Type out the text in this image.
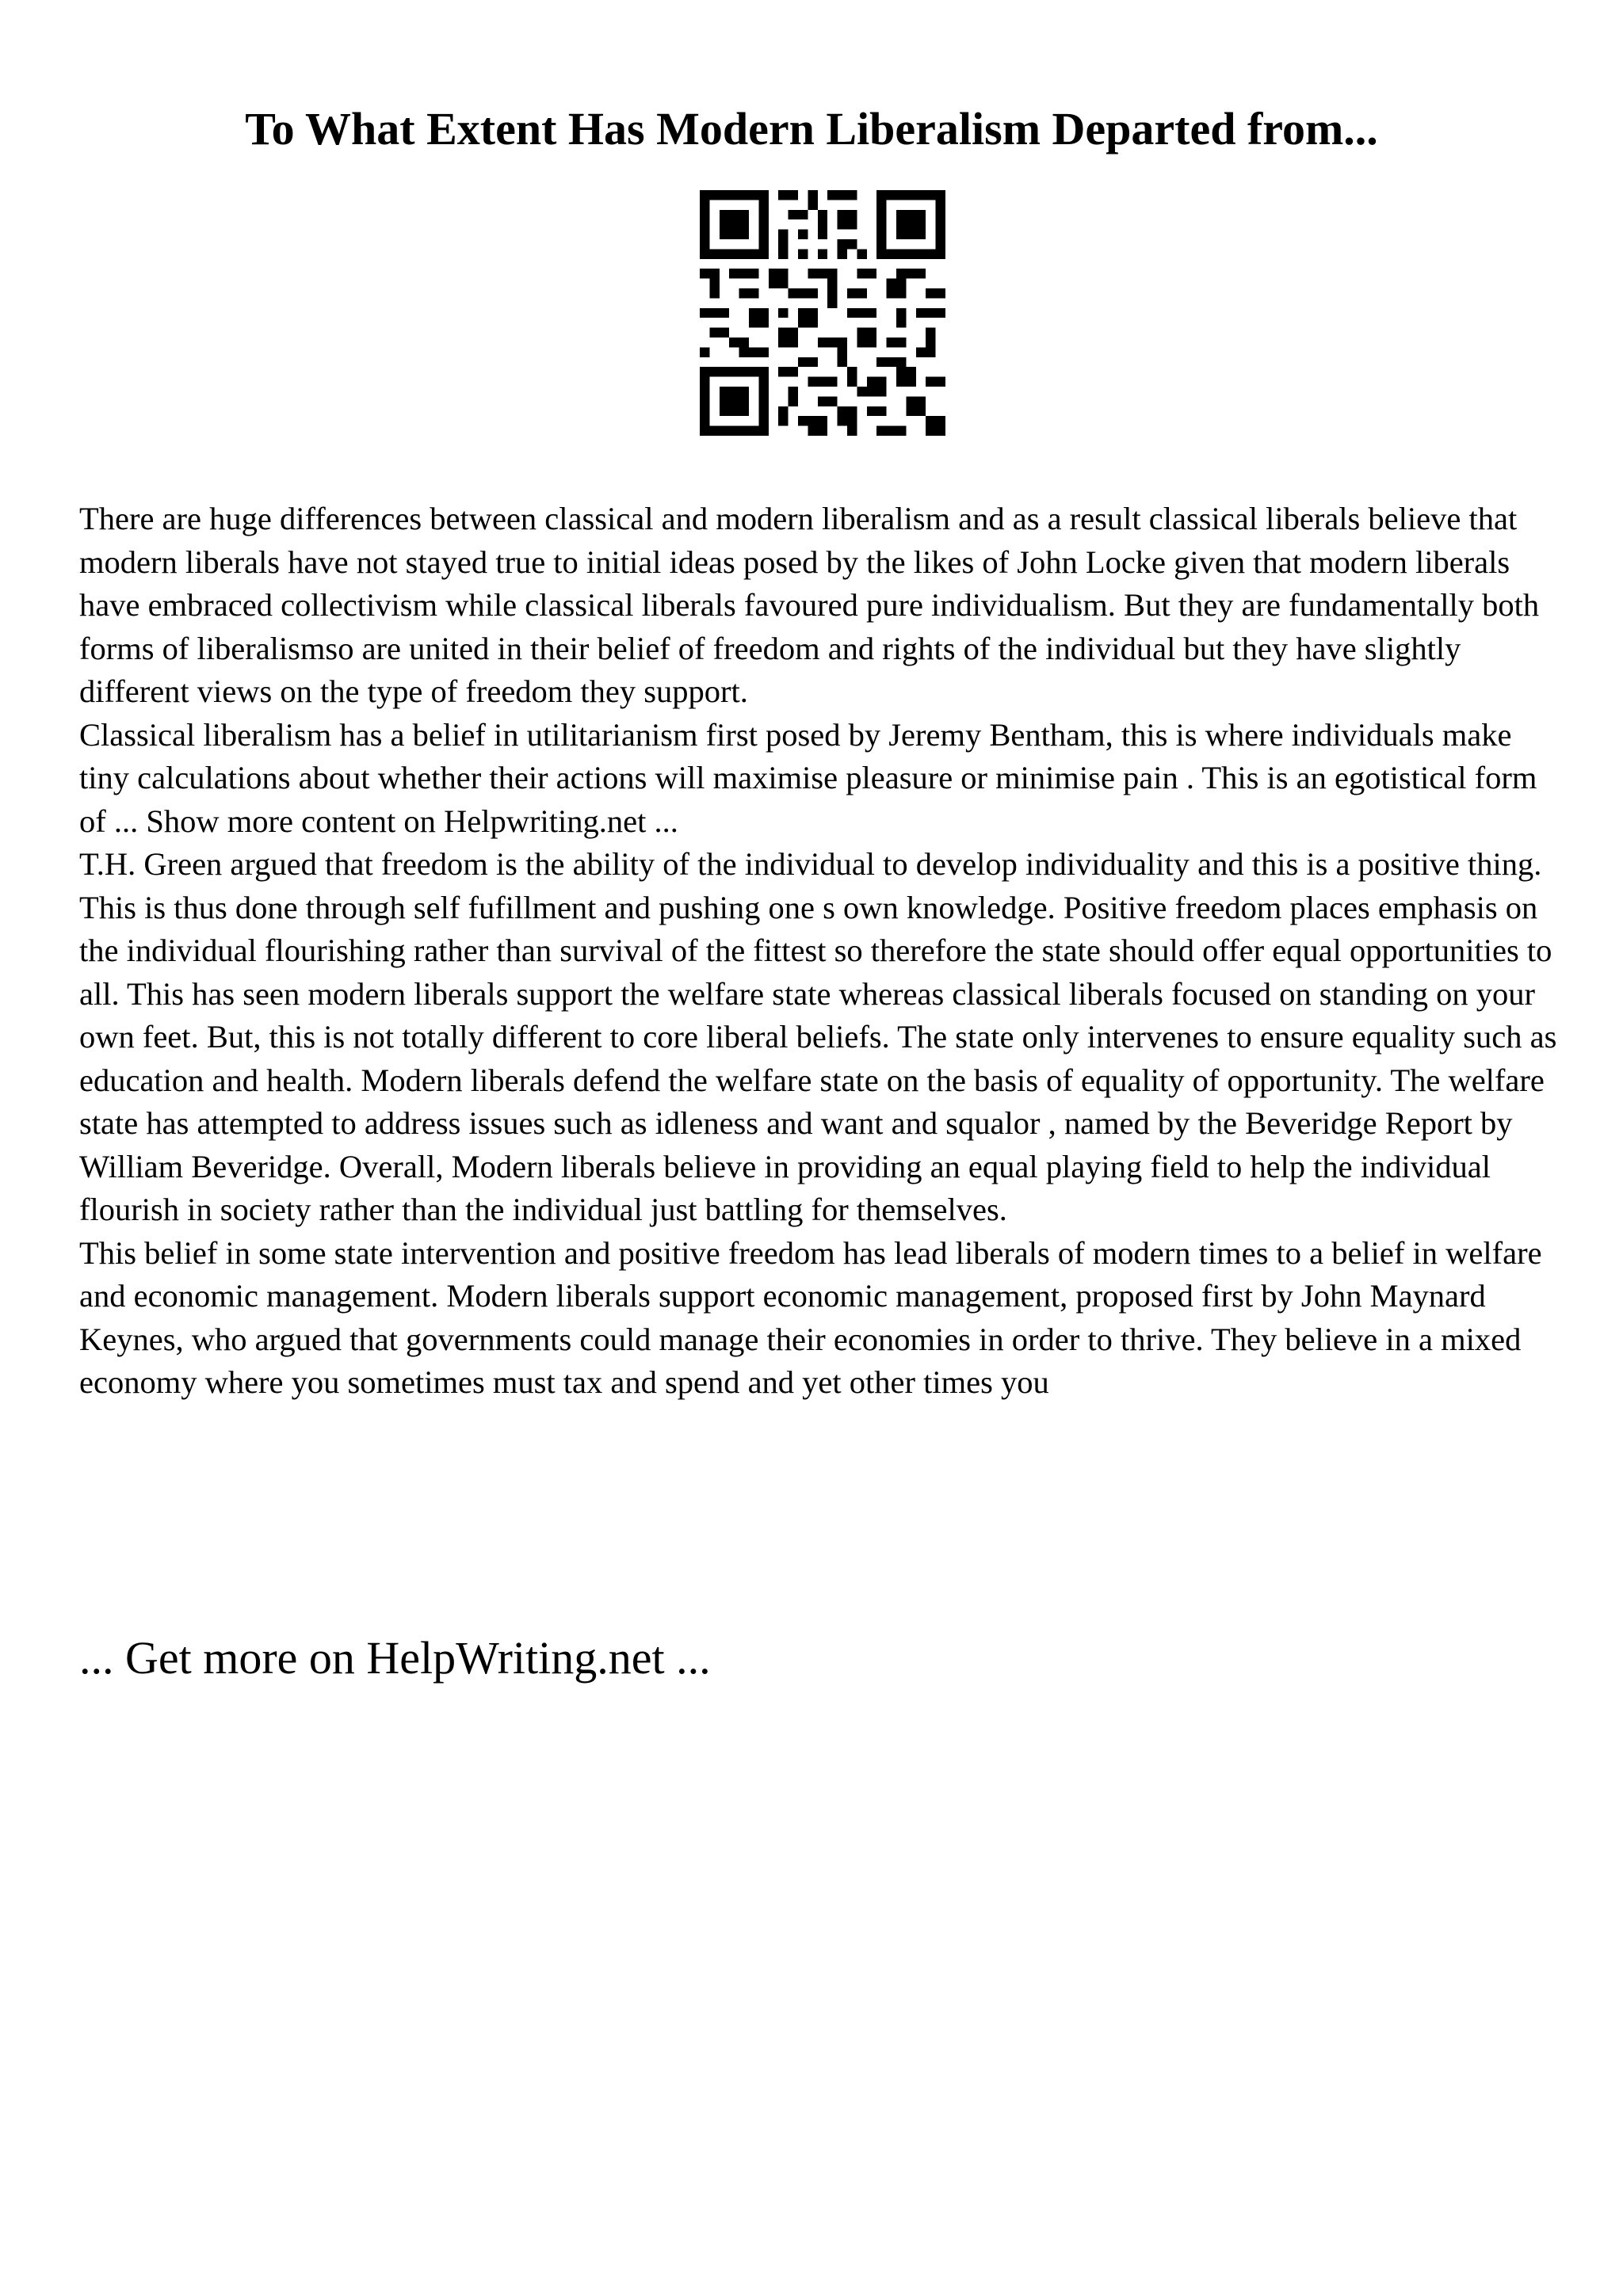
To What Extent Has Modern Liberalism Departed from...

There are huge differences between classical and modern liberalism and as a result classical liberals believe that modern liberals have not stayed true to initial ideas posed by the likes of John Locke given that modern liberals have embraced collectivism while classical liberals favoured pure individualism. But they are fundamentally both forms of liberalismso are united in their belief of freedom and rights of the individual but they have slightly different views on the type of freedom they support.

Classical liberalism has a belief in utilitarianism first posed by Jeremy Bentham, this is where individuals make tiny calculations about whether their actions will maximise pleasure or minimise pain . This is an egotistical form of ... Show more content on Helpwriting.net ...

T.H. Green argued that freedom is the ability of the individual to develop individuality and this is a positive thing. This is thus done through self fufillment and pushing one s own knowledge. Positive freedom places emphasis on the individual flourishing rather than survival of the fittest so therefore the state should offer equal opportunities to all. This has seen modern liberals support the welfare state whereas classical liberals focused on standing on your own feet. But, this is not totally different to core liberal beliefs. The state only intervenes to ensure equality such as education and health. Modern liberals defend the welfare state on the basis of equality of opportunity. The welfare state has attempted to address issues such as idleness and want and squalor , named by the Beveridge Report by William Beveridge. Overall, Modern liberals believe in providing an equal playing field to help the individual flourish in society rather than the individual just battling for themselves.

This belief in some state intervention and positive freedom has lead liberals of modern times to a belief in welfare and economic management. Modern liberals support economic management, proposed first by John Maynard Keynes, who argued that governments could manage their economies in order to thrive. They believe in a mixed economy where you sometimes must tax and spend and yet other times you

... Get more on HelpWriting.net ...
